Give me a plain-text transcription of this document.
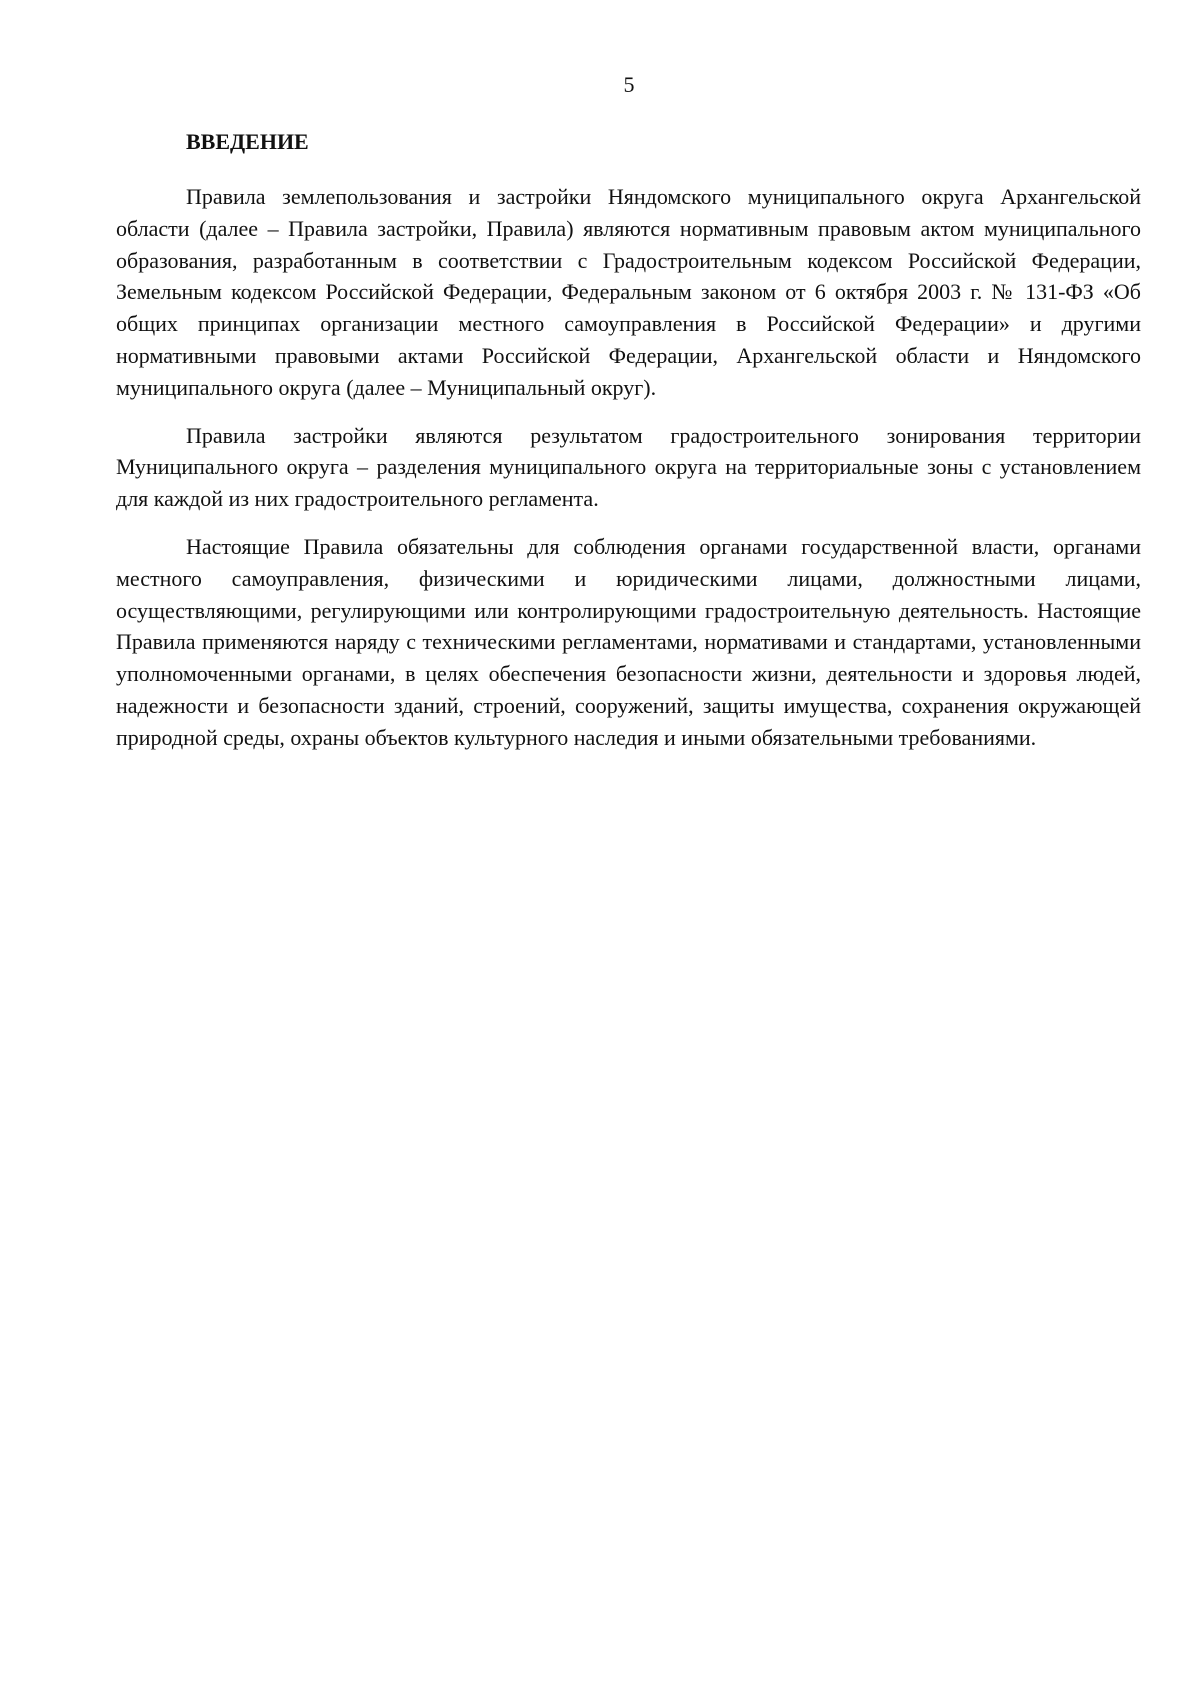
5
ВВЕДЕНИЕ

Правила землепользования и застройки Няндомского муниципального округа Архангельской области (далее – Правила застройки, Правила) являются нормативным правовым актом муниципального образования, разработанным в соответствии с Градостроительным кодексом Российской Федерации, Земельным кодексом Российской Федерации, Федеральным законом от 6 октября 2003 г. № 131-ФЗ «Об общих принципах организации местного самоуправления в Российской Федерации» и другими нормативными правовыми актами Российской Федерации, Архангельской области и Няндомского муниципального округа (далее – Муниципальный округ).

Правила застройки являются результатом градостроительного зонирования территории Муниципального округа – разделения муниципального округа на территориальные зоны с установлением для каждой из них градостроительного регламента.

Настоящие Правила обязательны для соблюдения органами государственной власти, органами местного самоуправления, физическими и юридическими лицами, должностными лицами, осуществляющими, регулирующими или контролирующими градостроительную деятельность. Настоящие Правила применяются наряду с техническими регламентами, нормативами и стандартами, установленными уполномоченными органами, в целях обеспечения безопасности жизни, деятельности и здоровья людей, надежности и безопасности зданий, строений, сооружений, защиты имущества, сохранения окружающей природной среды, охраны объектов культурного наследия и иными обязательными требованиями.
